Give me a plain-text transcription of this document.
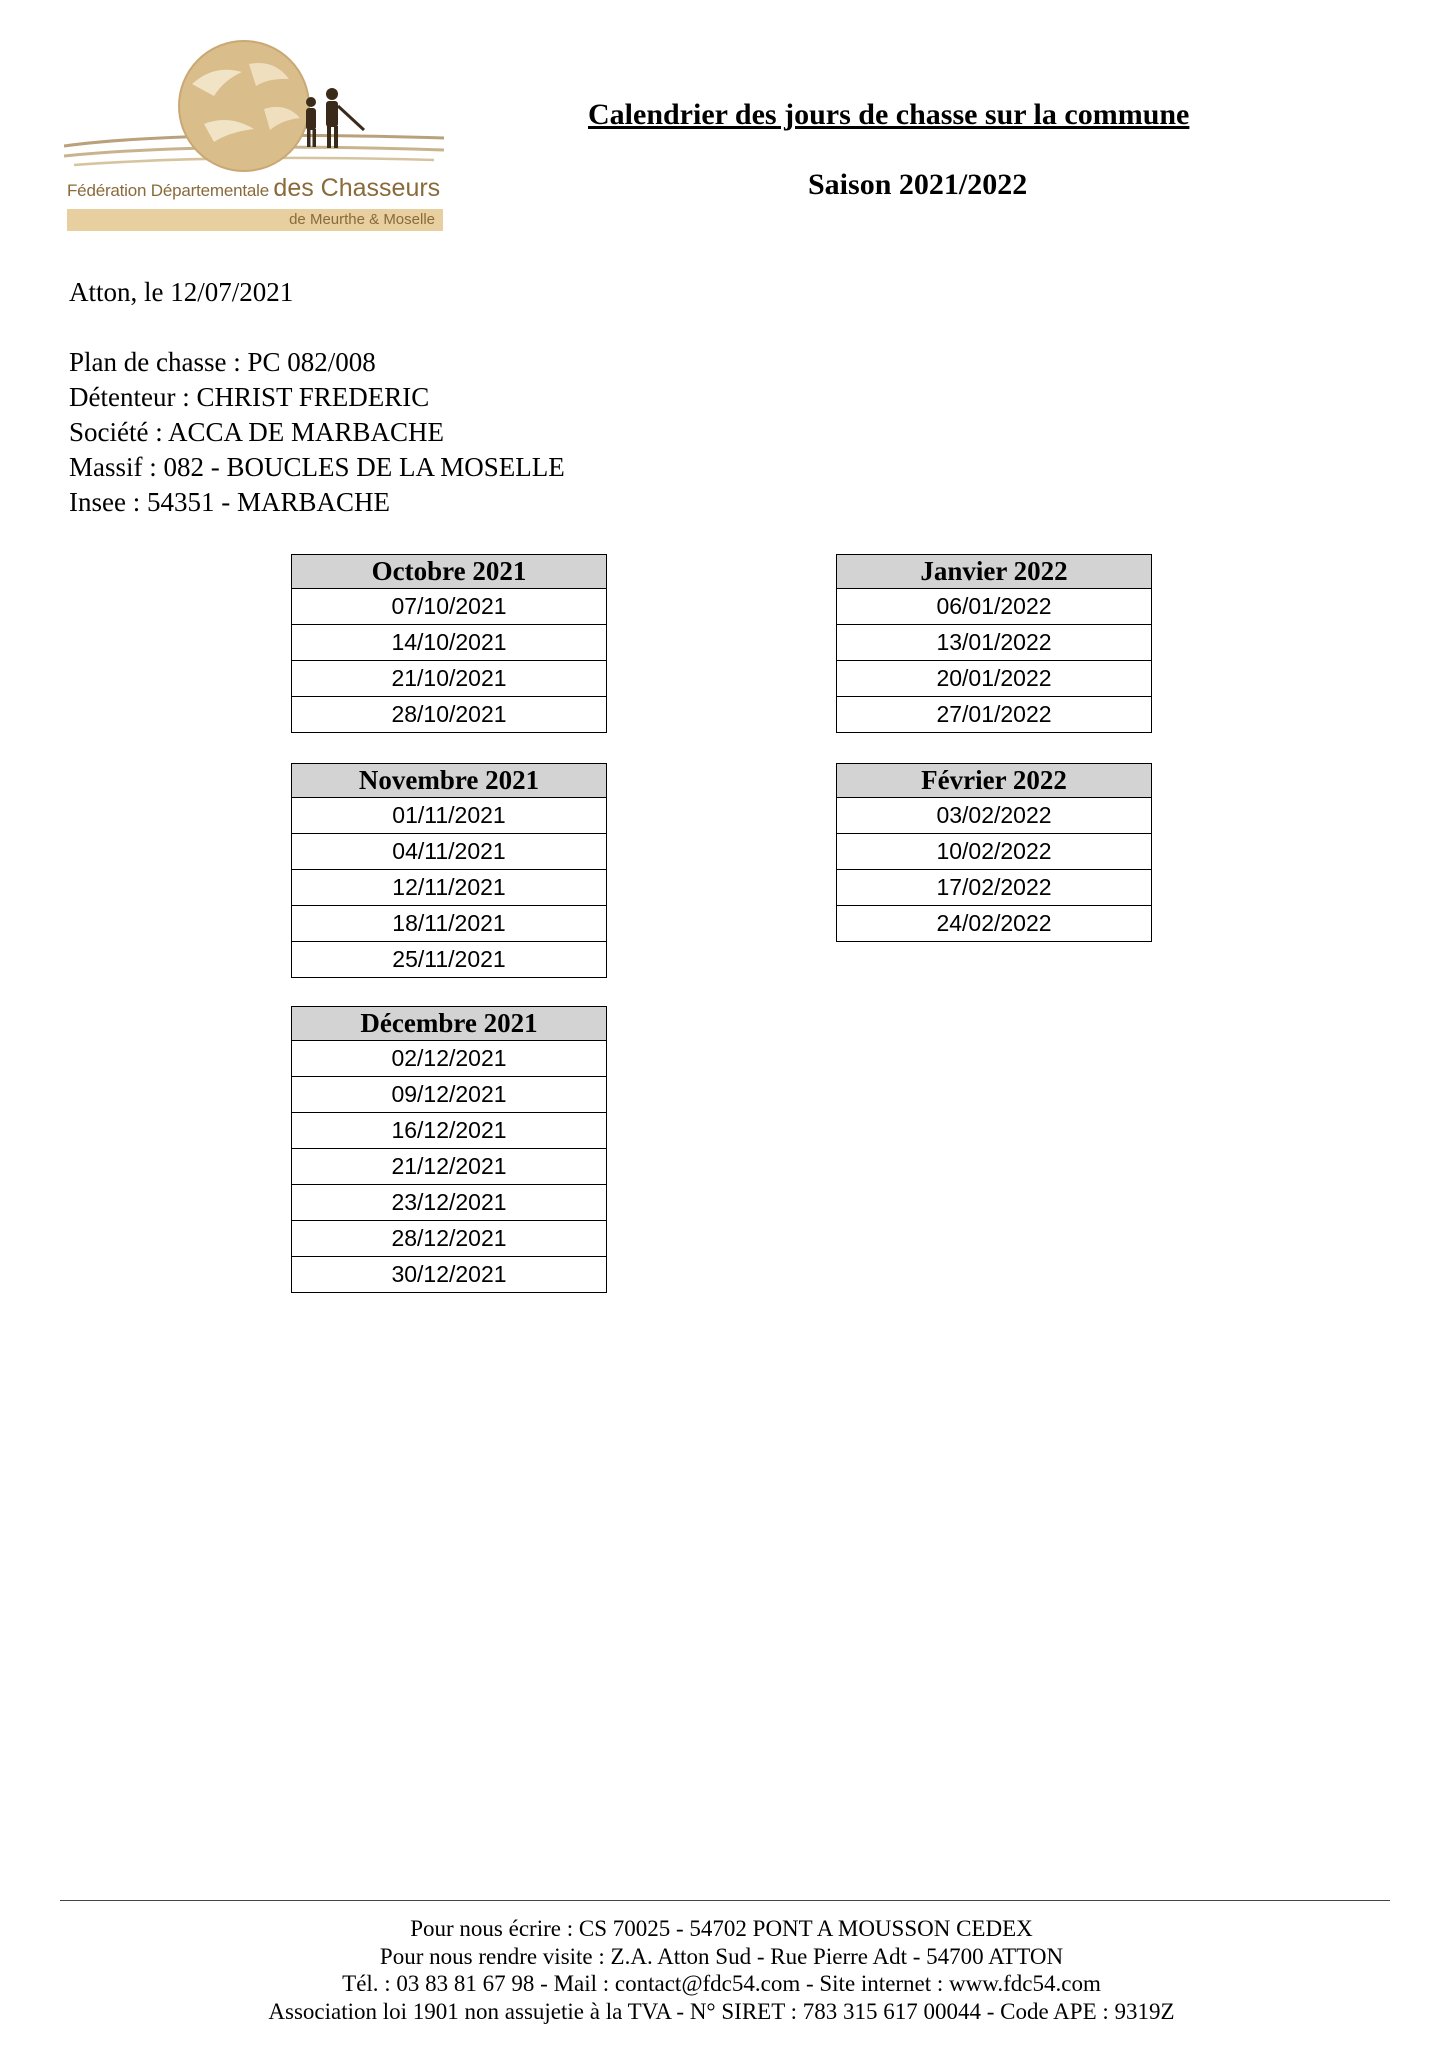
Fédération Départementale des Chasseurs
de Meurthe & Moselle
Calendrier des jours de chasse sur la commune
Saison 2021/2022
Atton, le 12/07/2021
Plan de chasse : PC 082/008
Détenteur : CHRIST FREDERIC
Société : ACCA DE MARBACHE
Massif : 082 - BOUCLES DE LA MOSELLE
Insee : 54351 - MARBACHE
Octobre 2021
07/10/2021
14/10/2021
21/10/2021
28/10/2021
Novembre 2021
01/11/2021
04/11/2021
12/11/2021
18/11/2021
25/11/2021
Décembre 2021
02/12/2021
09/12/2021
16/12/2021
21/12/2021
23/12/2021
28/12/2021
30/12/2021
Janvier 2022
06/01/2022
13/01/2022
20/01/2022
27/01/2022
Février 2022
03/02/2022
10/02/2022
17/02/2022
24/02/2022
Pour nous écrire : CS 70025 - 54702 PONT A MOUSSON CEDEX
Pour nous rendre visite : Z.A. Atton Sud - Rue Pierre Adt - 54700 ATTON
Tél. : 03 83 81 67 98 - Mail : contact@fdc54.com - Site internet : www.fdc54.com
Association loi 1901 non assujetie à la TVA - N° SIRET : 783 315 617 00044 - Code APE : 9319Z
